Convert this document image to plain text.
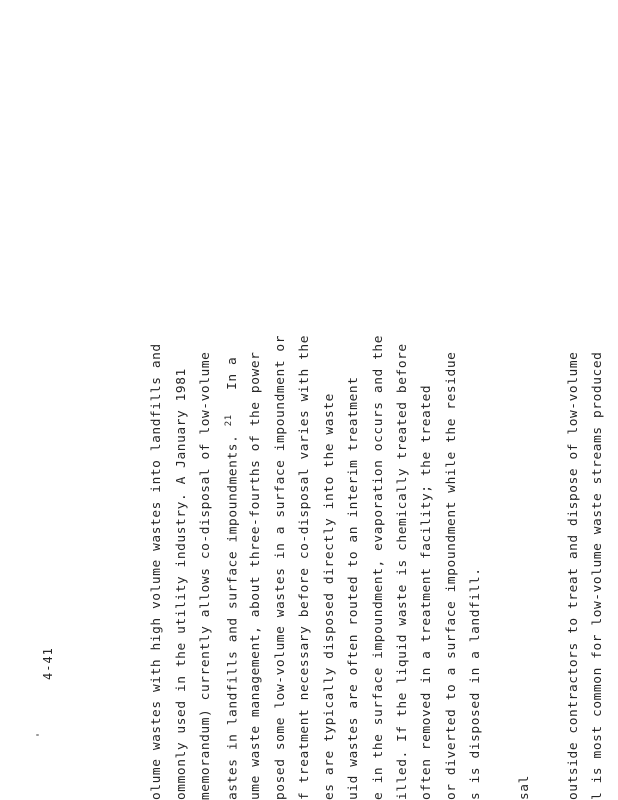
4-41	olume wastes with high volume wastes into landfills and ommonly used in the utility industry. A January 1981 memorandum) currently allows co-disposal of low-volume astes in landfills and surface impoundments. $^{21}$ In a ume waste management, about three-fourths of the power posed some low-volume wastes in a surface impoundment or f treatment necessary before co-disposal varies with the es are typically disposed directly into the waste uid wastes are often routed to an interim treatment e in the surface impoundment, evaporation occurs and the illed. If the liquid waste is chemically treated before often removed in a treatment facility; the treated or diverted to a surface impoundment while the residue s is disposed in a landfill.	sal	outside contractors to treat and dispose of low-volume l is most common for low-volume waste streams produced
